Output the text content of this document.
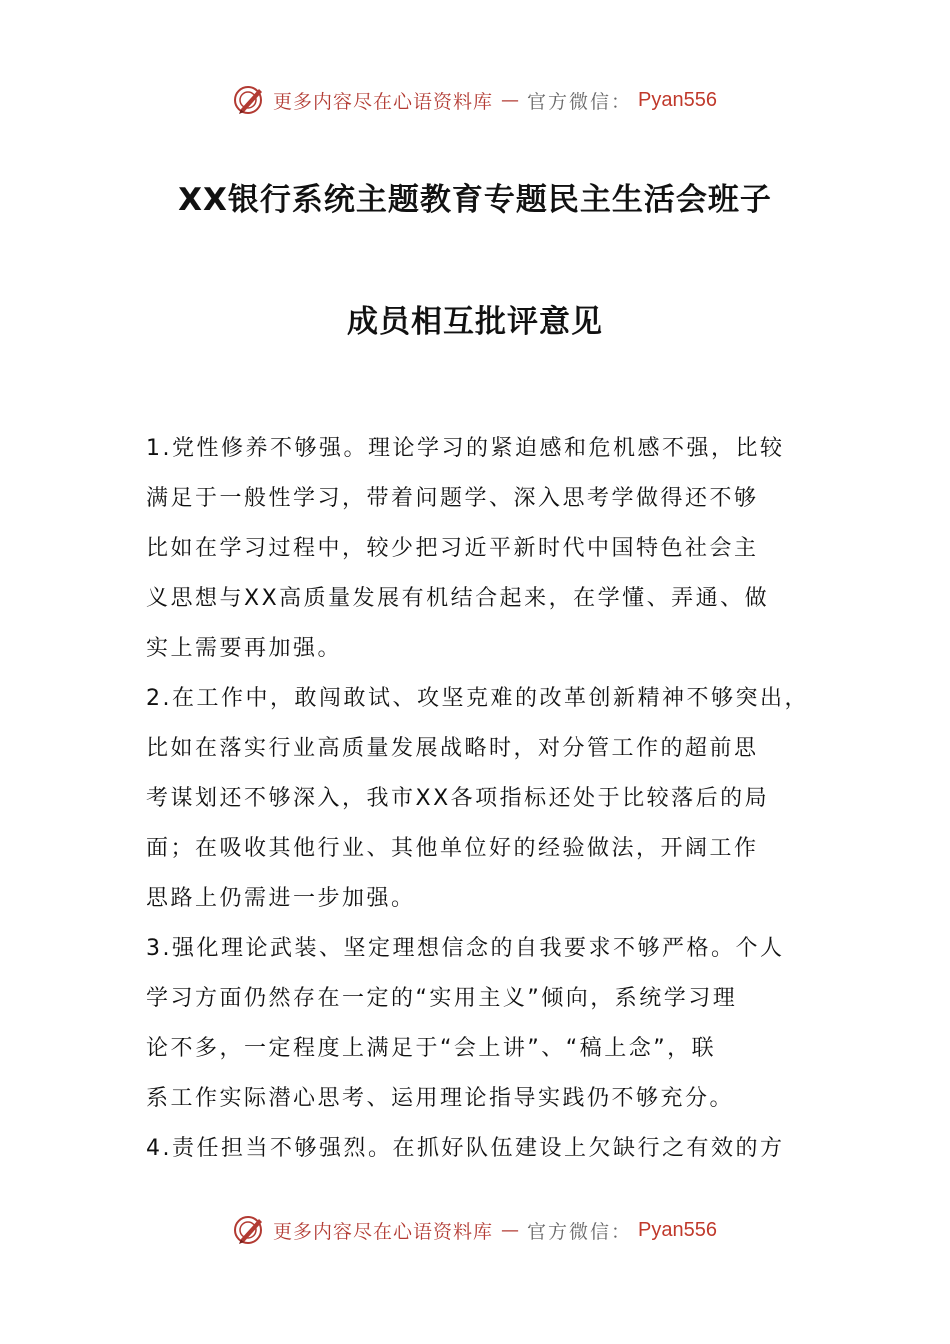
更多内容尽在心语资料库 — 官方微信： Pyan556
XX银行系统主题教育专题民主生活会班子
成员相互批评意见
1.党性修养不够强。理论学习的紧迫感和危机感不强，比较
满足于一般性学习，带着问题学、深入思考学做得还不够
比如在学习过程中，较少把习近平新时代中国特色社会主
义思想与XX高质量发展有机结合起来，在学懂、弄通、做
实上需要再加强。
2.在工作中，敢闯敢试、攻坚克难的改革创新精神不够突出，
比如在落实行业高质量发展战略时，对分管工作的超前思
考谋划还不够深入，我市XX各项指标还处于比较落后的局
面；在吸收其他行业、其他单位好的经验做法，开阔工作
思路上仍需进一步加强。
3.强化理论武装、坚定理想信念的自我要求不够严格。个人
学习方面仍然存在一定的“实用主义”倾向，系统学习理
论不多，一定程度上满足于“会上讲”、“稿上念”，联
系工作实际潜心思考、运用理论指导实践仍不够充分。
4.责任担当不够强烈。在抓好队伍建设上欠缺行之有效的方
更多内容尽在心语资料库 — 官方微信： Pyan556
